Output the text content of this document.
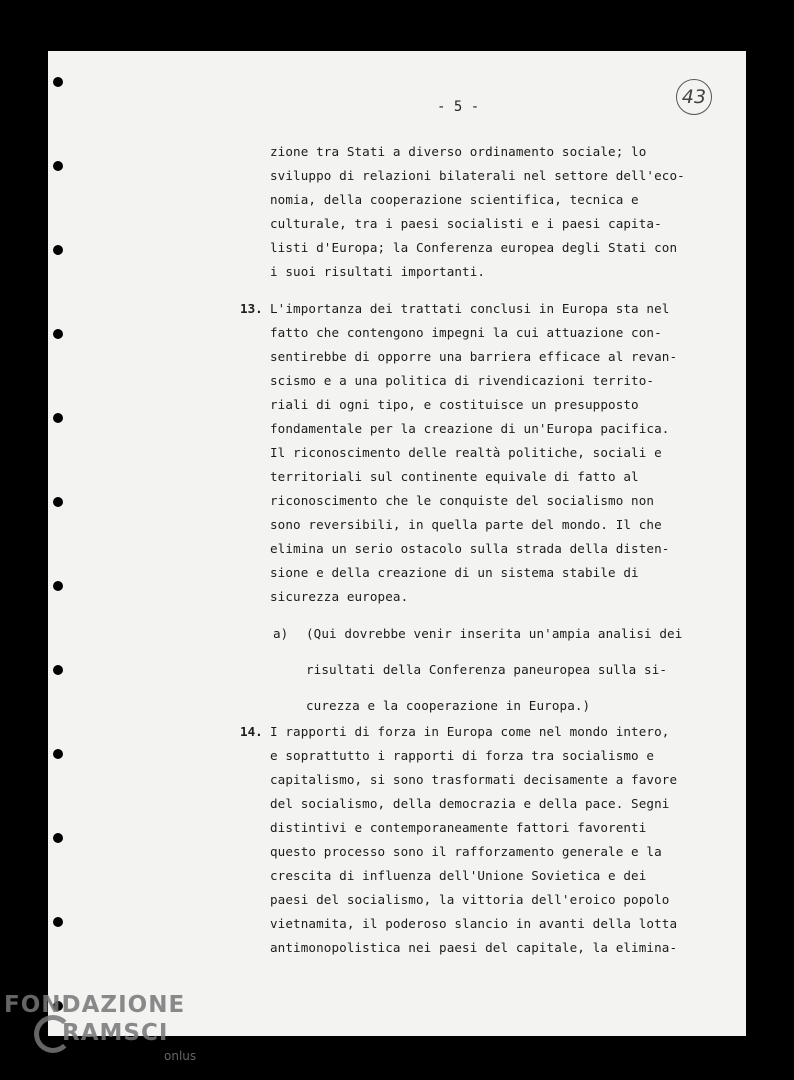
- 5 -	43
zione tra Stati a diverso ordinamento sociale; lo
sviluppo di relazioni bilaterali nel settore dell'eco-
nomia, della cooperazione scientifica, tecnica e
culturale, tra i paesi socialisti e i paesi capita-
listi d'Europa; la Conferenza europea degli Stati con
i suoi risultati importanti.
13. L'importanza dei trattati conclusi in Europa sta nel
fatto che contengono impegni la cui attuazione con-
sentirebbe di opporre una barriera efficace al revan-
scismo e a una politica di rivendicazioni territo-
riali di ogni tipo, e costituisce un presupposto
fondamentale per la creazione di un'Europa pacifica.
Il riconoscimento delle realtà politiche, sociali e
territoriali sul continente equivale di fatto al
riconoscimento che le conquiste del socialismo non
sono reversibili, in quella parte del mondo. Il che
elimina un serio ostacolo sulla strada della disten-
sione e della creazione di un sistema stabile di
sicurezza europea.
a) (Qui dovrebbe venir inserita un'ampia analisi dei
risultati della Conferenza paneuropea sulla si-
curezza e la cooperazione in Europa.)
14. I rapporti di forza in Europa come nel mondo intero,
e soprattutto i rapporti di forza tra socialismo e
capitalismo, si sono trasformati decisamente a favore
del socialismo, della democrazia e della pace. Segni
distintivi e contemporaneamente fattori favorenti
questo processo sono il rafforzamento generale e la
crescita di influenza dell'Unione Sovietica e dei
paesi del socialismo, la vittoria dell'eroico popolo
vietnamita, il poderoso slancio in avanti della lotta
antimonopolistica nei paesi del capitale, la elimina-
FONDAZIONE
RAMSCI
onlus
